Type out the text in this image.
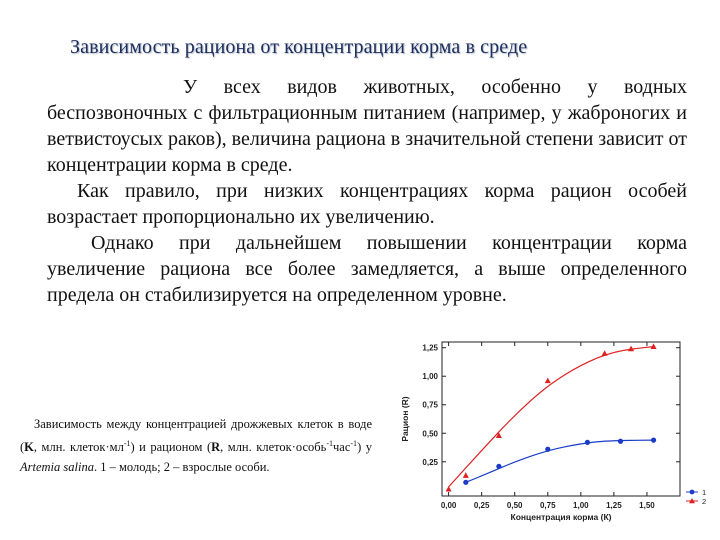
Зависимость рациона от концентрации корма в среде
У всех видов животных, особенно у водных беспозвоночных с фильтрационным питанием (например, у жаброногих и ветвистоусых раков), величина рациона в значительной степени зависит от концентрации корма в среде.
Как правило, при низких концентрациях корма рацион особей возрастает пропорционально их увеличению.
Однако при дальнейшем повышении концентрации корма увеличение рациона все более замедляется, а выше определенного предела он стабилизируется на определенном уровне.
Зависимость между концентрацией дрожжевых клеток в воде (K, млн. $клеток\cdot мл^{-1}$) и рационом (R, млн. клеток·особь$^{-1}$час$^{-1}$) у Artemia salina. 1 – молодь; 2 – взрослые особи.
0,00 0,25 0,50 0,75 1,00 1,25 1,50
0,25
0,50
0,75
1,00
1,25
1
2
Концентрация корма (К)
Рацион (R)
